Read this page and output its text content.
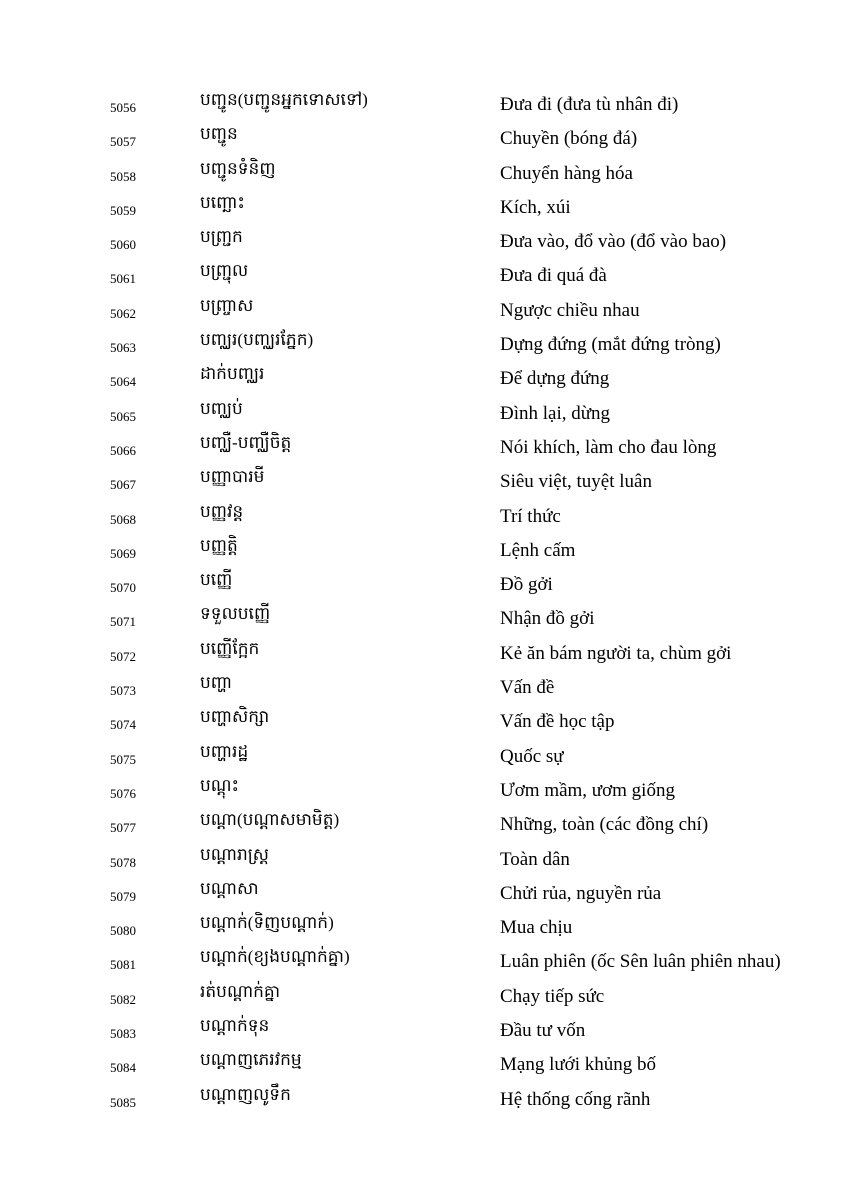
5056	បញ្ជូន(បញ្ជូនអ្នកទោសទៅ)	Đưa đi (đưa tù nhân đi)
5057	បញ្ជូន	Chuyền (bóng đá)
5058	បញ្ជូនទំនិញ	Chuyển hàng hóa
5059	បញ្ឆោះ	Kích, xúi
5060	បញ្ជ្រក	Đưa vào, đổ vào (đổ vào bao)
5061	បញ្ជ្រុល	Đưa đi quá đà
5062	បញ្ច្រាស	Ngược chiều nhau
5063	បញ្ឈរ(បញ្ឈរភ្នែក)	Dựng đứng (mắt đứng tròng)
5064	ដាក់បញ្ឈរ	Để dựng đứng
5065	បញ្ឈប់	Đình lại, dừng
5066	បញ្ឈឺ-បញ្ឈឺចិត្ត	Nói khích, làm cho đau lòng
5067	បញ្ញាបារមី	Siêu việt, tuyệt luân
5068	បញ្ញវន្ត	Trí thức
5069	បញ្ញត្តិ	Lệnh cấm
5070	បញ្ញើ	Đồ gởi
5071	ទទួលបញ្ញើ	Nhận đồ gởi
5072	បញ្ញើក្អែក	Kẻ ăn bám người ta, chùm gởi
5073	បញ្ហា	Vấn đề
5074	បញ្ហាសិក្សា	Vấn đề học tập
5075	បញ្ហារដ្ឋ	Quốc sự
5076	បណ្តុះ	Ươm mầm, ươm giống
5077	បណ្តា(បណ្តាសមាមិត្ត)	Những, toàn (các đồng chí)
5078	បណ្តារាស្ត្រ	Toàn dân
5079	បណ្តាសា	Chửi rủa, nguyền rủa
5080	បណ្តាក់(ទិញបណ្តាក់)	Mua chịu
5081	បណ្តាក់(ខ្យងបណ្តាក់គ្នា)	Luân phiên (ốc Sên luân phiên nhau)
5082	រត់បណ្តាក់គ្នា	Chạy tiếp sức
5083	បណ្តាក់ទុន	Đầu tư vốn
5084	បណ្តាញភេរវកម្ម	Mạng lưới khủng bố
5085	បណ្តាញលូទឹក	Hệ thống cống rãnh
